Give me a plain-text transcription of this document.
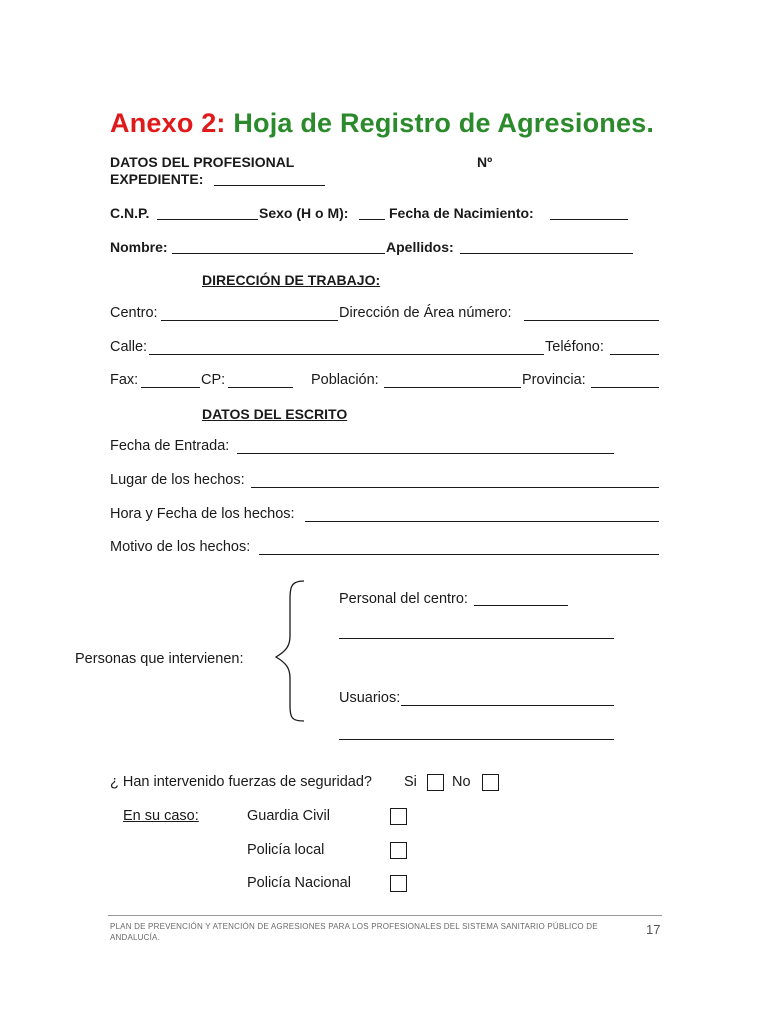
Anexo 2: Hoja de Registro de Agresiones.
DATOS DEL PROFESIONAL	Nº
EXPEDIENTE:
C.N.P.	Sexo (H o M):	Fecha de Nacimiento:
Nombre:	Apellidos:
DIRECCIÓN DE TRABAJO:
Centro:	Dirección de Área número:
Calle:	Teléfono:
Fax:	CP:	Población:	Provincia:
DATOS DEL ESCRITO
Fecha de Entrada:
Lugar de los hechos:
Hora y Fecha de los hechos:
Motivo de los hechos:
Personas que intervienen:
Personal del centro:
Usuarios:
¿ Han intervenido fuerzas de seguridad? Si No
En su caso:	Guardia Civil
Policía local
Policía Nacional
PLAN DE PREVENCIÓN Y ATENCIÓN DE AGRESIONES PARA LOS PROFESIONALES DEL SISTEMA SANITARIO PÚBLICO DE ANDALUCÍA.
17
